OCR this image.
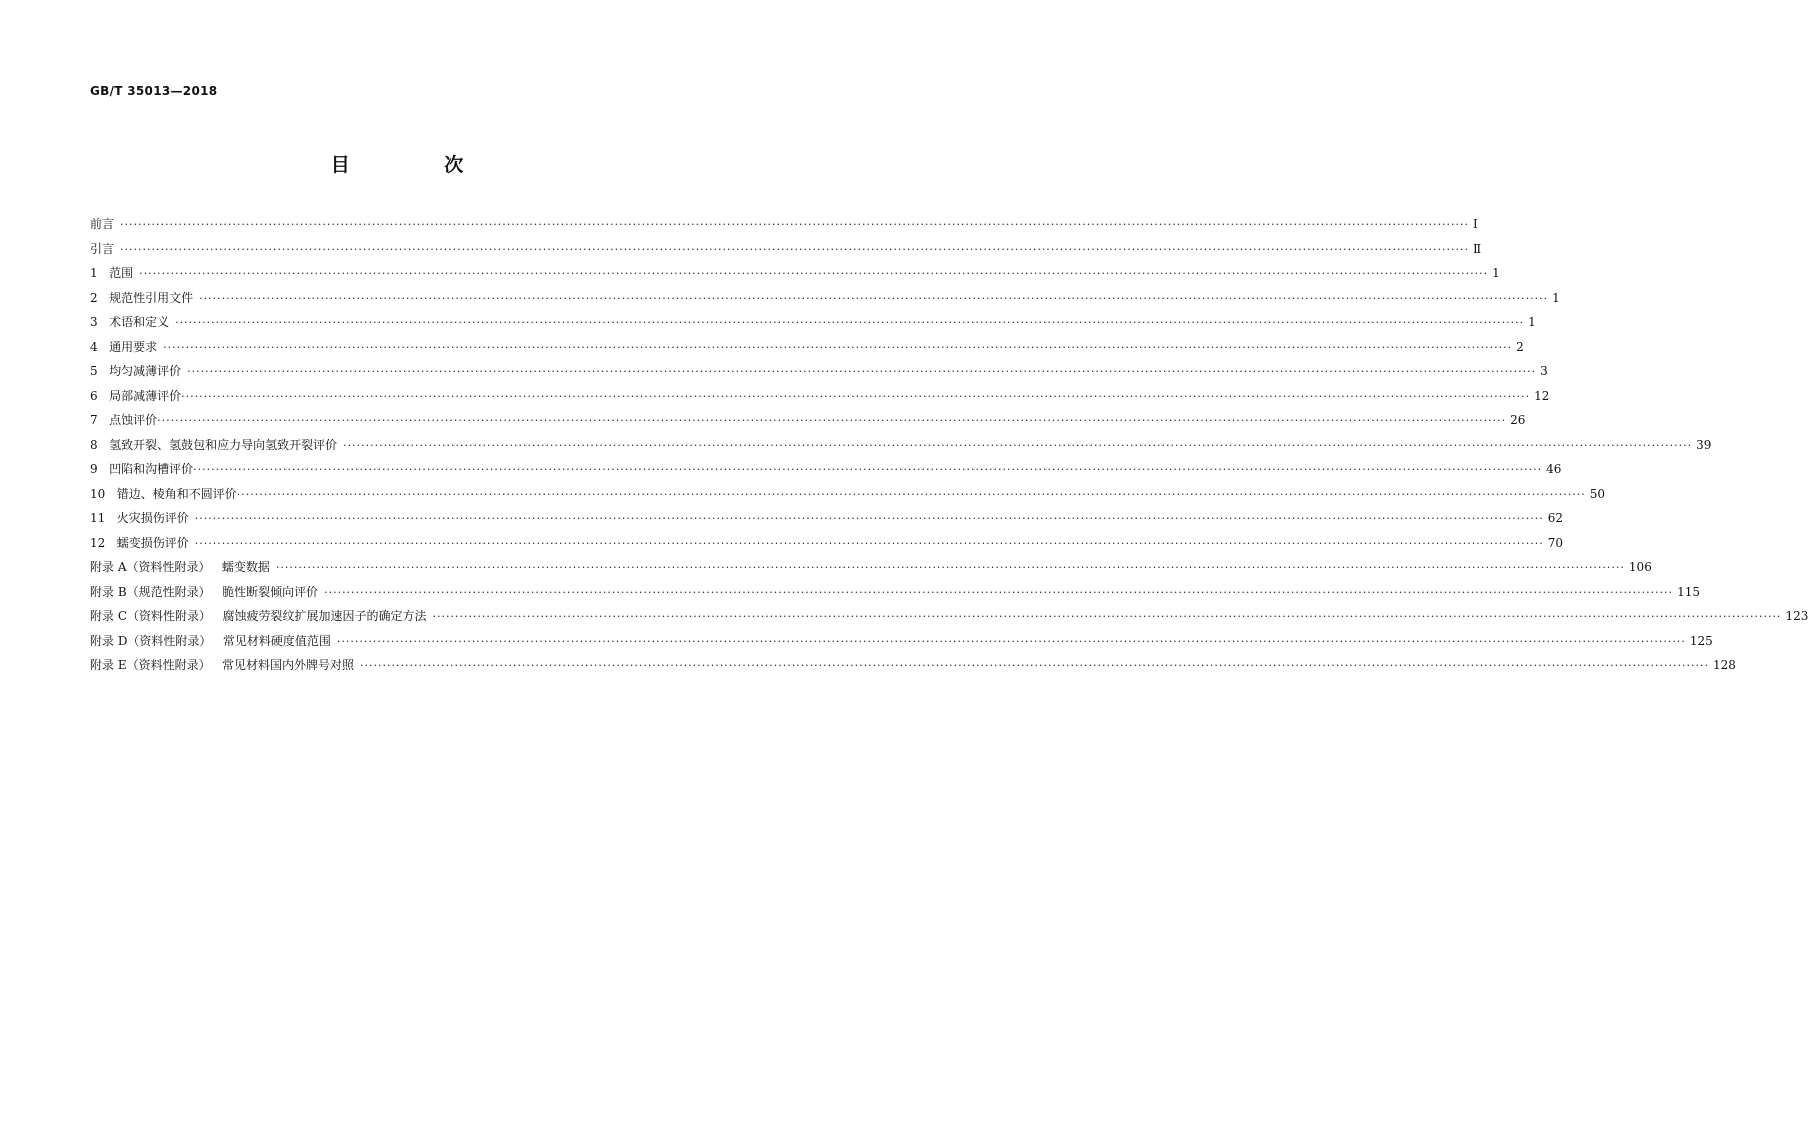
GB/T 35013—2018
目 次
前言 ············································································································································································································································································································ Ⅰ
引言 ············································································································································································································································································································ Ⅱ
1   范围 ············································································································································································································································································································ 1
2   规范性引用文件 ············································································································································································································································································································ 1
3   术语和定义 ············································································································································································································································································································ 1
4   通用要求 ············································································································································································································································································································ 2
5   均匀减薄评价 ············································································································································································································································································································ 3
6   局部减薄评价 ············································································································································································································································································································ 12
7   点蚀评价 ············································································································································································································································································································ 26
8   氢致开裂、氢鼓包和应力导向氢致开裂评价 ············································································································································································································································································································ 39
9   凹陷和沟槽评价 ············································································································································································································································································································ 46
10   错边、棱角和不圆评价 ············································································································································································································································································································ 50
11   火灾损伤评价 ············································································································································································································································································································ 62
12   蠕变损伤评价 ············································································································································································································································································································ 70
附录 A（资料性附录）   蠕变数据 ············································································································································································································································································································ 106
附录 B（规范性附录）   脆性断裂倾向评价 ············································································································································································································································································································ 115
附录 C（资料性附录）   腐蚀疲劳裂纹扩展加速因子的确定方法 ············································································································································································································································································································ 123
附录 D（资料性附录）   常见材料硬度值范围 ············································································································································································································································································································ 125
附录 E（资料性附录）   常见材料国内外牌号对照 ············································································································································································································································································································ 128
